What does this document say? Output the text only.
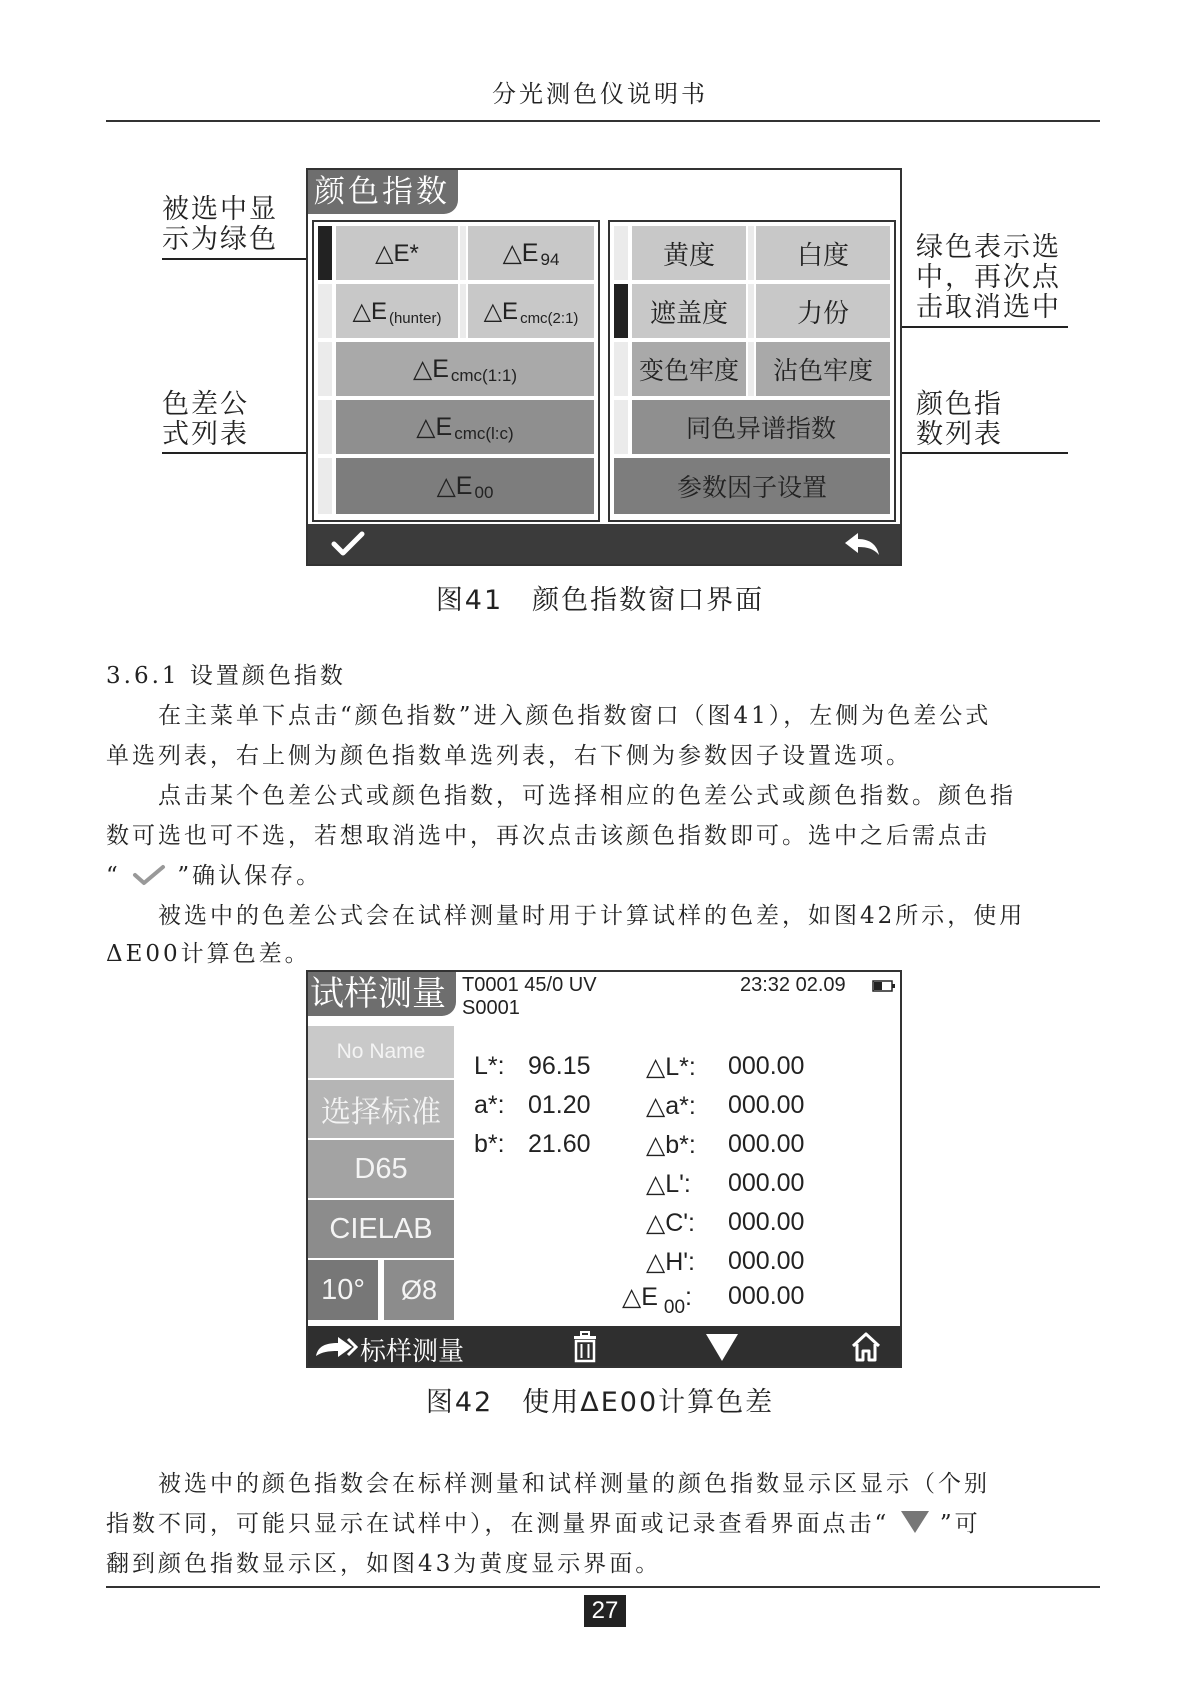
分光测色仪说明书
被选中显
示为绿色
色差公
式列表
绿色表示选
中，再次点
击取消选中
颜色指
数列表
颜色指数
△E*	△E 94
△E (hunter) △E cmc(2:1)
△E cmc(1:1)
△E cmc(l:c)
△E 00
黄度	白度
遮盖度	力份
变色牢度	沾色牢度
同色异谱指数
参数因子设置
图41　颜色指数窗口界面
3.6.1 设置颜色指数
在主菜单下点击“颜色指数”进入颜色指数窗口（图41），左侧为色差公式
单选列表，右上侧为颜色指数单选列表，右下侧为参数因子设置选项。
点击某个色差公式或颜色指数，可选择相应的色差公式或颜色指数。颜色指
数可选也可不选，若想取消选中，再次点击该颜色指数即可。选中之后需点击
“ ”确认保存。
被选中的色差公式会在试样测量时用于计算试样的色差，如图42所示，使用
ΔE00计算色差。
试样测量 T0001 45/0 UV
S0001
23:32 02.09
No Name
选择标准
D65
CIELAB
10°	Ø8
L*: 96.15
a*: 01.20
b*: 21.60
△L*: 000.00
△a*: 000.00
△b*: 000.00
△L': 000.00
△C': 000.00
△H': 000.00
△E $_{00}$: 000.00
标样测量
图42　使用ΔE00计算色差
被选中的颜色指数会在标样测量和试样测量的颜色指数显示区显示（个别
指数不同，可能只显示在试样中），在测量界面或记录查看界面点击“ ”可
翻到颜色指数显示区，如图43为黄度显示界面。
27
